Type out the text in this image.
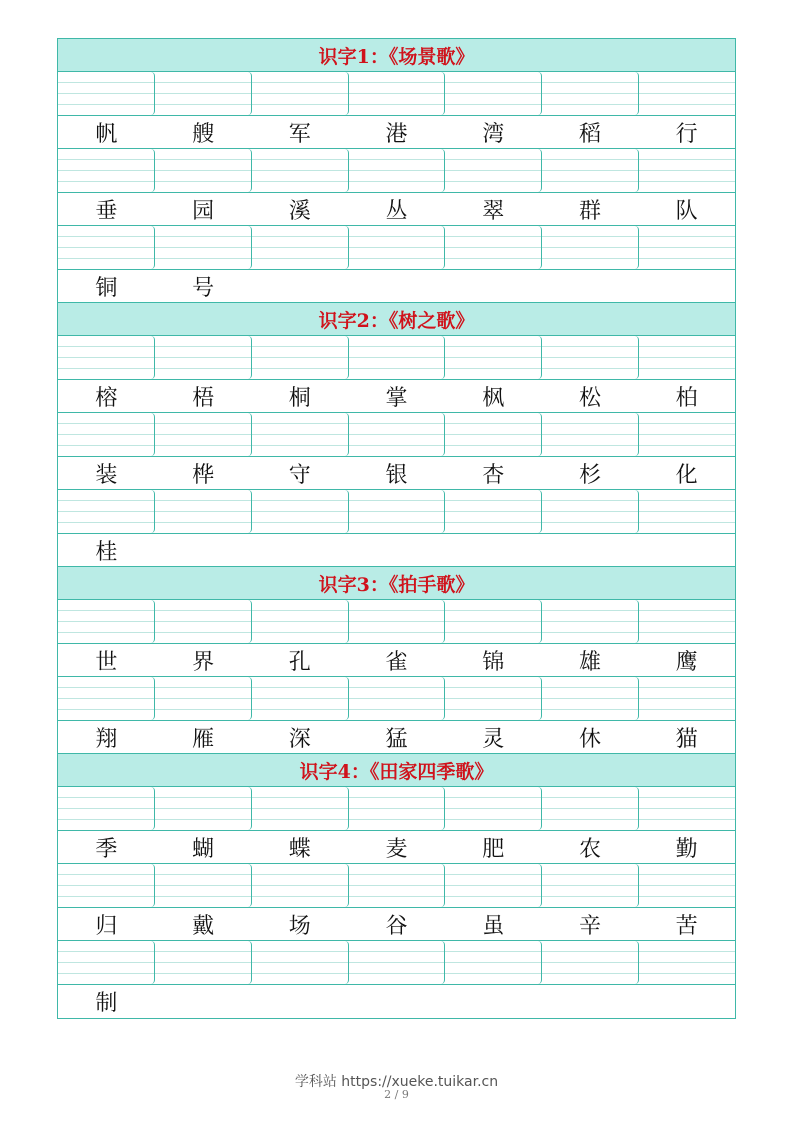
识字1：《场景歌》
帆	艘	军	港	湾	稻	行
垂	园	溪	丛	翠	群	队
铜	号
识字2：《树之歌》
榕	梧	桐	掌	枫	松	柏
装	桦	守	银	杏	杉	化
桂
识字3：《拍手歌》
世	界	孔	雀	锦	雄	鹰
翔	雁	深	猛	灵	休	猫
识字4：《田家四季歌》
季	蝴	蝶	麦	肥	农	勤
归	戴	场	谷	虽	辛	苦
制
学科站 https://xueke.tuikar.cn
2 / 9
